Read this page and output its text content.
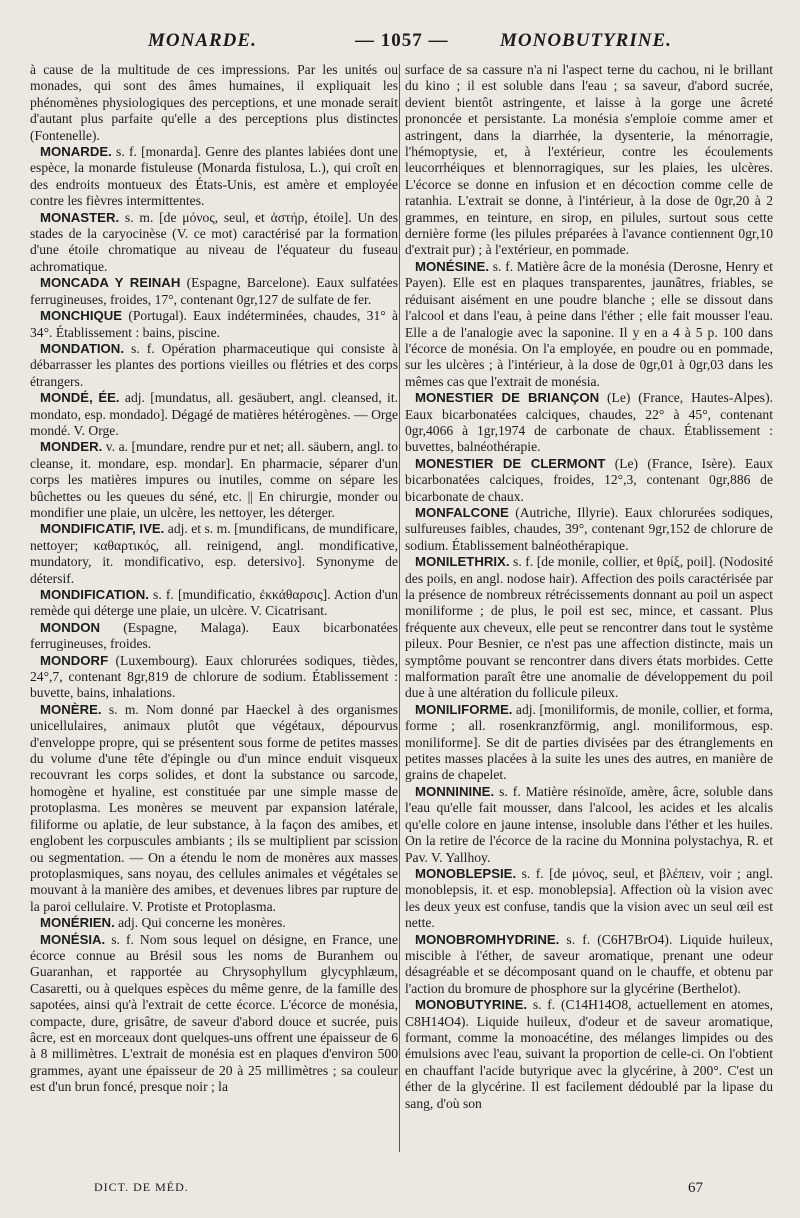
MONARDE.	— 1057 —	MONOBUTYRINE.

à cause de la multitude de ces impressions. Par les unités ou monades, qui sont des âmes humaines, il expliquait les phénomènes physiologiques des perceptions, et une monade serait d'autant plus parfaite qu'elle a des perceptions plus distinctes (Fontenelle).

MONARDE. s. f. [monarda]. Genre des plantes labiées dont une espèce, la monarde fistuleuse (Monarda fistulosa, L.), qui croît en des endroits montueux des États-Unis, est amère et employée contre les fièvres intermittentes.

MONASTER. s. m. [de μόνος, seul, et ἀστήρ, étoile]. Un des stades de la caryocinèse (V. ce mot) caractérisé par la formation d'une étoile chromatique au niveau de l'équateur du fuseau achromatique.

MONCADA Y REINAH (Espagne, Barcelone). Eaux sulfatées ferrugineuses, froides, 17°, contenant 0gr,127 de sulfate de fer.

MONCHIQUE (Portugal). Eaux indéterminées, chaudes, 31° à 34°. Établissement : bains, piscine.

MONDATION. s. f. Opération pharmaceutique qui consiste à débarrasser les plantes des portions vieilles ou flétries et des corps étrangers.

MONDÉ, ÉE. adj. [mundatus, all. gesäubert, angl. cleansed, it. mondato, esp. mondado]. Dégagé de matières hétérogènes. — Orge mondé. V. Orge.

MONDER. v. a. [mundare, rendre pur et net; all. säubern, angl. to cleanse, it. mondare, esp. mondar]. En pharmacie, séparer d'un corps les matières impures ou inutiles, comme on sépare les bûchettes ou les queues du séné, etc. || En chirurgie, monder ou mondifier une plaie, un ulcère, les nettoyer, les déterger.

MONDIFICATIF, IVE. adj. et s. m. [mundificans, de mundificare, nettoyer; καθαρτικός, all. reinigend, angl. mondificative, mundatory, it. mondificativo, esp. detersivo]. Synonyme de détersif.

MONDIFICATION. s. f. [mundificatio, ἐκκάθαρσις]. Action d'un remède qui déterge une plaie, un ulcère. V. Cicatrisant.

MONDON (Espagne, Malaga). Eaux bicarbonatées ferrugineuses, froides.

MONDORF (Luxembourg). Eaux chlorurées sodiques, tièdes, 24°,7, contenant 8gr,819 de chlorure de sodium. Établissement : buvette, bains, inhalations.

MONÈRE. s. m. Nom donné par Haeckel à des organismes unicellulaires, animaux plutôt que végétaux, dépourvus d'enveloppe propre, qui se présentent sous forme de petites masses du volume d'une tête d'épingle ou d'un mince enduit visqueux recouvrant les corps solides, et dont la substance ou sarcode, homogène et hyaline, est constituée par une simple masse de protoplasma. Les monères se meuvent par expansion latérale, filiforme ou aplatie, de leur substance, à la façon des amibes, et englobent les corpuscules ambiants ; ils se multiplient par scission ou segmentation. — On a étendu le nom de monères aux masses protoplasmiques, sans noyau, des cellules animales et végétales se mouvant à la manière des amibes, et devenues libres par rupture de la paroi cellulaire. V. Protiste et Protoplasma.

MONÉRIEN. adj. Qui concerne les monères.

MONÉSIA. s. f. Nom sous lequel on désigne, en France, une écorce connue au Brésil sous les noms de Buranhem ou Guaranhan, et rapportée au Chrysophyllum glycyphlæum, Casaretti, ou à quelques espèces du même genre, de la famille des sapotées, ainsi qu'à l'extrait de cette écorce. L'écorce de monésia, compacte, dure, grisâtre, de saveur d'abord douce et sucrée, puis âcre, est en morceaux dont quelques-uns offrent une épaisseur de 6 à 8 millimètres. L'extrait de monésia est en plaques d'environ 500 grammes, ayant une épaisseur de 20 à 25 millimètres ; sa couleur est d'un brun foncé, presque noir ; la

surface de sa cassure n'a ni l'aspect terne du cachou, ni le brillant du kino ; il est soluble dans l'eau ; sa saveur, d'abord sucrée, devient bientôt astringente, et laisse à la gorge une âcreté prononcée et persistante. La monésia s'emploie comme amer et astringent, dans la diarrhée, la dysenterie, la ménorragie, l'hémoptysie, et, à l'extérieur, contre les écoulements leucorrhéiques et blennorragiques, sur les plaies, les ulcères. L'écorce se donne en infusion et en décoction comme celle de ratanhia. L'extrait se donne, à l'intérieur, à la dose de 0gr,20 à 2 grammes, en teinture, en sirop, en pilules, surtout sous cette dernière forme (les pilules préparées à l'avance contiennent 0gr,10 d'extrait pur) ; à l'extérieur, en pommade.

MONÉSINE. s. f. Matière âcre de la monésia (Derosne, Henry et Payen). Elle est en plaques transparentes, jaunâtres, friables, se réduisant aisément en une poudre blanche ; elle se dissout dans l'alcool et dans l'eau, à peine dans l'éther ; elle fait mousser l'eau. Elle a de l'analogie avec la saponine. Il y en a 4 à 5 p. 100 dans l'écorce de monésia. On l'a employée, en poudre ou en pommade, sur les ulcères ; à l'intérieur, à la dose de 0gr,01 à 0gr,03 dans les mêmes cas que l'extrait de monésia.

MONESTIER DE BRIANÇON (Le) (France, Hautes-Alpes). Eaux bicarbonatées calciques, chaudes, 22° à 45°, contenant 0gr,4066 à 1gr,1974 de carbonate de chaux. Établissement : buvettes, balnéothérapie.

MONESTIER DE CLERMONT (Le) (France, Isère). Eaux bicarbonatées calciques, froides, 12°,3, contenant 0gr,886 de bicarbonate de chaux.

MONFALCONE (Autriche, Illyrie). Eaux chlorurées sodiques, sulfureuses faibles, chaudes, 39°, contenant 9gr,152 de chlorure de sodium. Établissement balnéothérapique.

MONILETHRIX. s. f. [de monile, collier, et θρίξ, poil]. (Nodosité des poils, en angl. nodose hair). Affection des poils caractérisée par la présence de nombreux rétrécissements donnant au poil un aspect moniliforme ; de plus, le poil est sec, mince, et cassant. Plus fréquente aux cheveux, elle peut se rencontrer dans tout le système pileux. Pour Besnier, ce n'est pas une affection distincte, mais un symptôme pouvant se rencontrer dans divers états morbides. Cette malformation paraît être une anomalie de développement du poil due à une altération du follicule pileux.

MONILIFORME. adj. [moniliformis, de monile, collier, et forma, forme ; all. rosenkranzförmig, angl. moniliformous, esp. moniliforme]. Se dit de parties divisées par des étranglements en petites masses placées à la suite les unes des autres, en manière de grains de chapelet.

MONNININE. s. f. Matière résinoïde, amère, âcre, soluble dans l'eau qu'elle fait mousser, dans l'alcool, les acides et les alcalis qu'elle colore en jaune intense, insoluble dans l'éther et les huiles. On la retire de l'écorce de la racine du Monnina polystachya, R. et Pav. V. Yallhoy.

MONOBLEPSIE. s. f. [de μόνος, seul, et βλέπειν, voir ; angl. monoblepsis, it. et esp. monoblepsia]. Affection où la vision avec les deux yeux est confuse, tandis que la vision avec un seul œil est nette.

MONOBROMHYDRINE. s. f. (C6H7BrO4). Liquide huileux, miscible à l'éther, de saveur aromatique, prenant une odeur désagréable et se décomposant quand on le chauffe, et obtenu par l'action du bromure de phosphore sur la glycérine (Berthelot).

MONOBUTYRINE. s. f. (C14H14O8, actuellement en atomes, C8H14O4). Liquide huileux, d'odeur et de saveur aromatique, formant, comme la monoacétine, des mélanges limpides ou des émulsions avec l'eau, suivant la proportion de celle-ci. On l'obtient en chauffant l'acide butyrique avec la glycérine, à 200°. C'est un éther de la glycérine. Il est facilement dédoublé par la lipase du sang, d'où son

DICT. DE MÉD.	67
